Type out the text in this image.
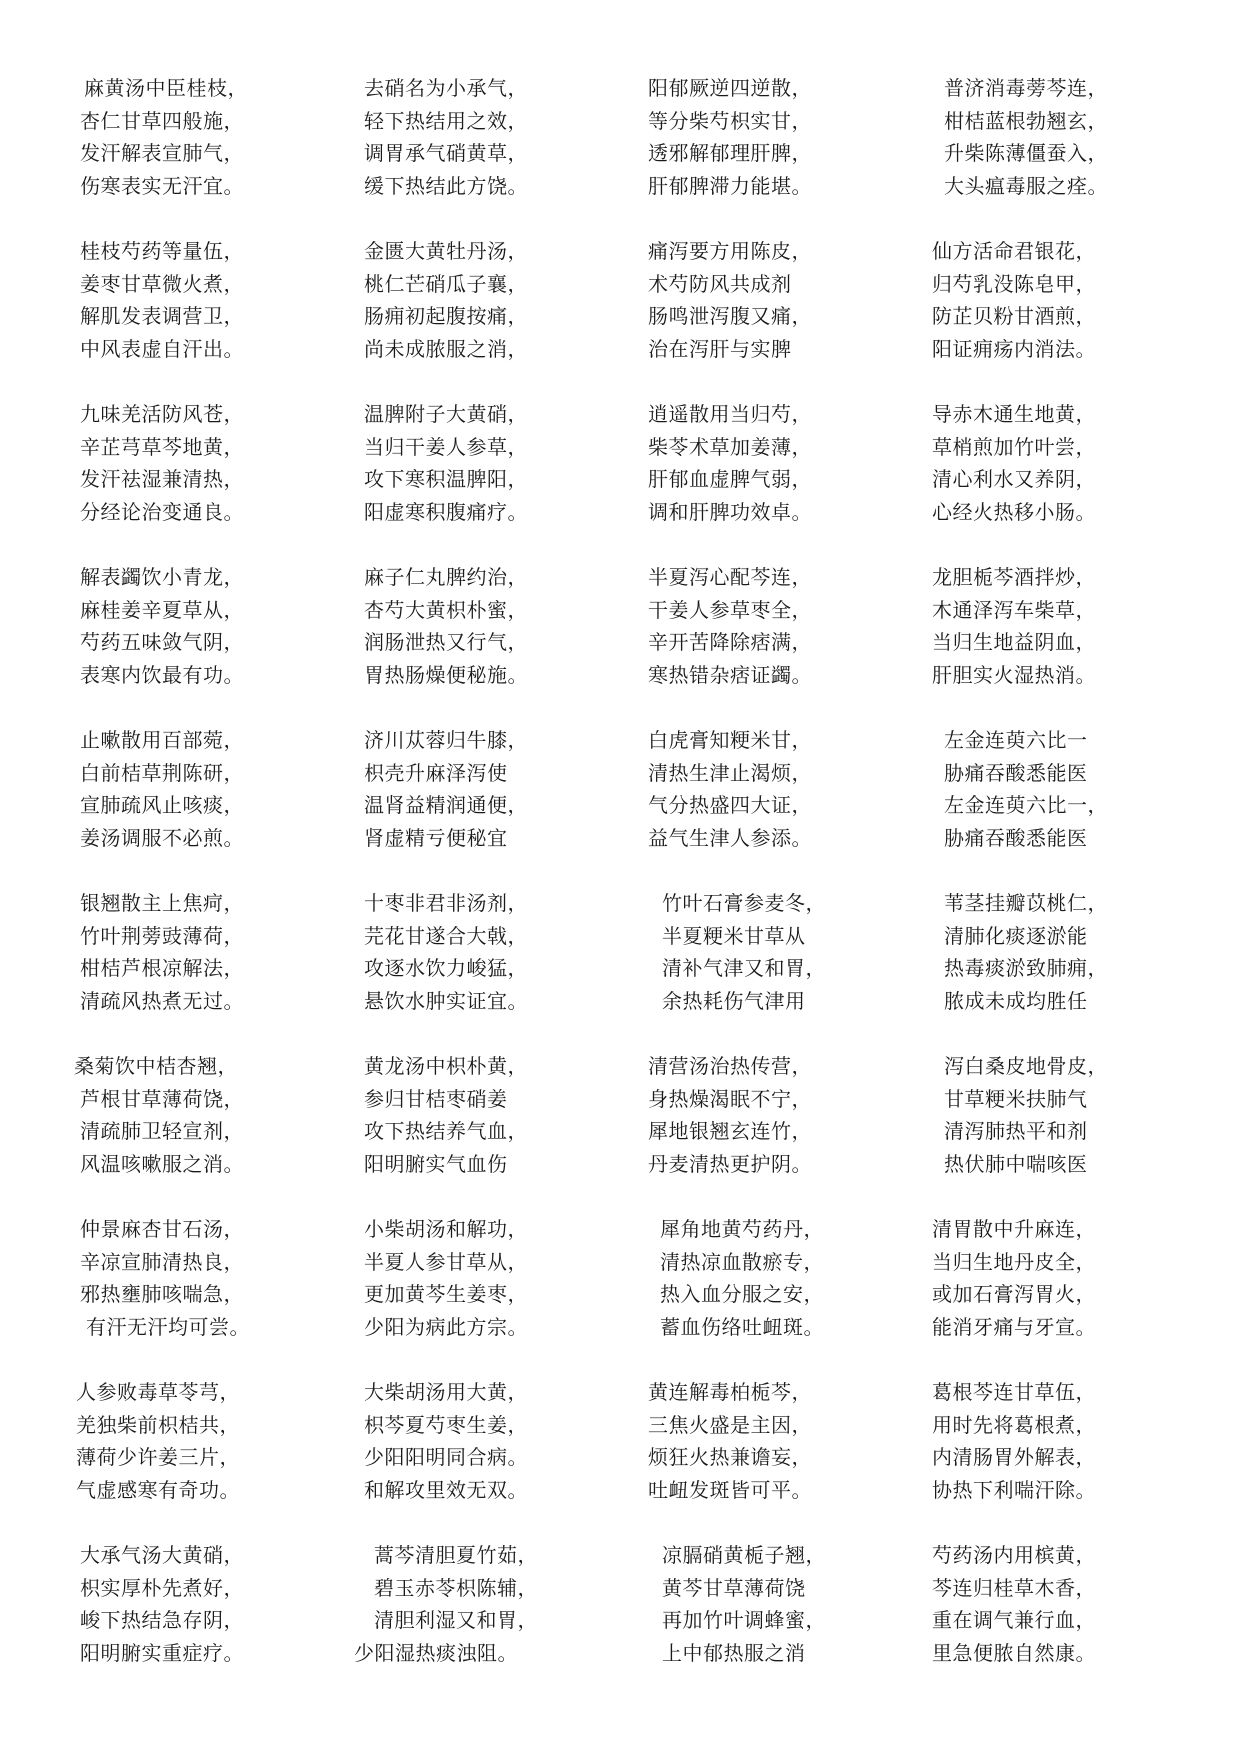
麻黄汤中臣桂枝，
杏仁甘草四般施，
发汗解表宣肺气，
伤寒表实无汗宜。
去硝名为小承气，
轻下热结用之效，
调胃承气硝黄草，
缓下热结此方饶。
阳郁厥逆四逆散，
等分柴芍枳实甘，
透邪解郁理肝脾，
肝郁脾滞力能堪。
普济消毒蒡芩连，
柑桔蓝根勃翘玄，
升柴陈薄僵蚕入，
大头瘟毒服之痊。
桂枝芍药等量伍，
姜枣甘草微火煮，
解肌发表调营卫，
中风表虚自汗出。
金匮大黄牡丹汤，
桃仁芒硝瓜子襄，
肠痈初起腹按痛，
尚未成脓服之消，
痛泻要方用陈皮，
术芍防风共成剂
肠鸣泄泻腹又痛，
治在泻肝与实脾
仙方活命君银花，
归芍乳没陈皂甲，
防芷贝粉甘酒煎，
阳证痈疡内消法。
九味羌活防风苍，
辛芷芎草芩地黄，
发汗祛湿兼清热，
分经论治变通良。
温脾附子大黄硝，
当归干姜人参草，
攻下寒积温脾阳，
阳虚寒积腹痛疗。
逍遥散用当归芍，
柴苓术草加姜薄，
肝郁血虚脾气弱，
调和肝脾功效卓。
导赤木通生地黄，
草梢煎加竹叶尝，
清心利水又养阴，
心经火热移小肠。
解表蠲饮小青龙，
麻桂姜辛夏草从，
芍药五味敛气阴，
表寒内饮最有功。
麻子仁丸脾约治，
杏芍大黄枳朴蜜，
润肠泄热又行气，
胃热肠燥便秘施。
半夏泻心配芩连，
干姜人参草枣全，
辛开苦降除痞满，
寒热错杂痞证蠲。
龙胆栀芩酒拌炒，
木通泽泻车柴草，
当归生地益阴血，
肝胆实火湿热消。
止嗽散用百部菀，
白前桔草荆陈研，
宣肺疏风止咳痰，
姜汤调服不必煎。
济川苁蓉归牛膝，
枳壳升麻泽泻使
温肾益精润通便，
肾虚精亏便秘宜
白虎膏知粳米甘，
清热生津止渴烦，
气分热盛四大证，
益气生津人参添。
左金连萸六比一
胁痛吞酸悉能医
左金连萸六比一，
胁痛吞酸悉能医
银翘散主上焦疴，
竹叶荆蒡豉薄荷，
柑桔芦根凉解法，
清疏风热煮无过。
十枣非君非汤剂，
芫花甘遂合大戟，
攻逐水饮力峻猛，
悬饮水肿实证宜。
竹叶石膏参麦冬，
半夏粳米甘草从
清补气津又和胃，
余热耗伤气津用
苇茎挂瓣苡桃仁，
清肺化痰逐淤能
热毒痰淤致肺痈，
脓成未成均胜任
桑菊饮中桔杏翘，
芦根甘草薄荷饶，
清疏肺卫轻宣剂，
风温咳嗽服之消。
黄龙汤中枳朴黄，
参归甘桔枣硝姜
攻下热结养气血，
阳明腑实气血伤
清营汤治热传营，
身热燥渴眠不宁，
犀地银翘玄连竹，
丹麦清热更护阴。
泻白桑皮地骨皮，
甘草粳米扶肺气
清泻肺热平和剂
热伏肺中喘咳医
仲景麻杏甘石汤，
辛凉宣肺清热良，
邪热壅肺咳喘急，
有汗无汗均可尝。
小柴胡汤和解功，
半夏人参甘草从，
更加黄芩生姜枣，
少阳为病此方宗。
犀角地黄芍药丹，
清热凉血散瘀专，
热入血分服之安，
蓄血伤络吐衄斑。
清胃散中升麻连，
当归生地丹皮全，
或加石膏泻胃火，
能消牙痛与牙宣。
人参败毒草苓芎，
羌独柴前枳桔共，
薄荷少许姜三片，
气虚感寒有奇功。
大柴胡汤用大黄，
枳芩夏芍枣生姜，
少阳阳明同合病。
和解攻里效无双。
黄连解毒柏栀芩，
三焦火盛是主因，
烦狂火热兼谵妄，
吐衄发斑皆可平。
葛根芩连甘草伍，
用时先将葛根煮，
内清肠胃外解表，
协热下利喘汗除。
大承气汤大黄硝，
枳实厚朴先煮好，
峻下热结急存阴，
阳明腑实重症疗。
蒿芩清胆夏竹茹，
碧玉赤苓枳陈辅，
清胆利湿又和胃，
少阳湿热痰浊阻。
凉膈硝黄栀子翘，
黄芩甘草薄荷饶
再加竹叶调蜂蜜，
上中郁热服之消
芍药汤内用槟黄，
芩连归桂草木香，
重在调气兼行血，
里急便脓自然康。
